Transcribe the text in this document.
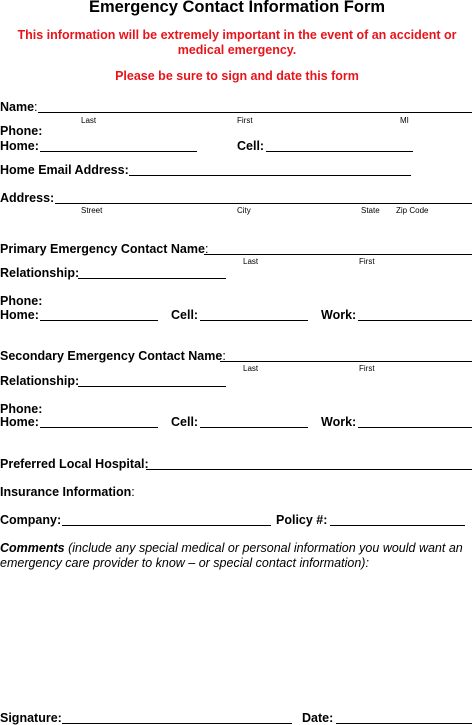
Emergency Contact Information Form
This information will be extremely important in the event of an accident or medical emergency.
Please be sure to sign and date this form
Name:
Last	First	MI
Phone:
Home:	Cell:
Home Email Address:
Address:
Street	City	State Zip Code
Primary Emergency Contact Name:
Last	First
Relationship:
Phone:
Home:	Cell:	Work:
Secondary Emergency Contact Name:
Last	First
Relationship:
Phone:
Home:	Cell:	Work:
Preferred Local Hospital:
Insurance Information:
Company:	Policy #:
Comments (include any special medical or personal information you would want an emergency care provider to know – or special contact information):
Signature:	Date:
